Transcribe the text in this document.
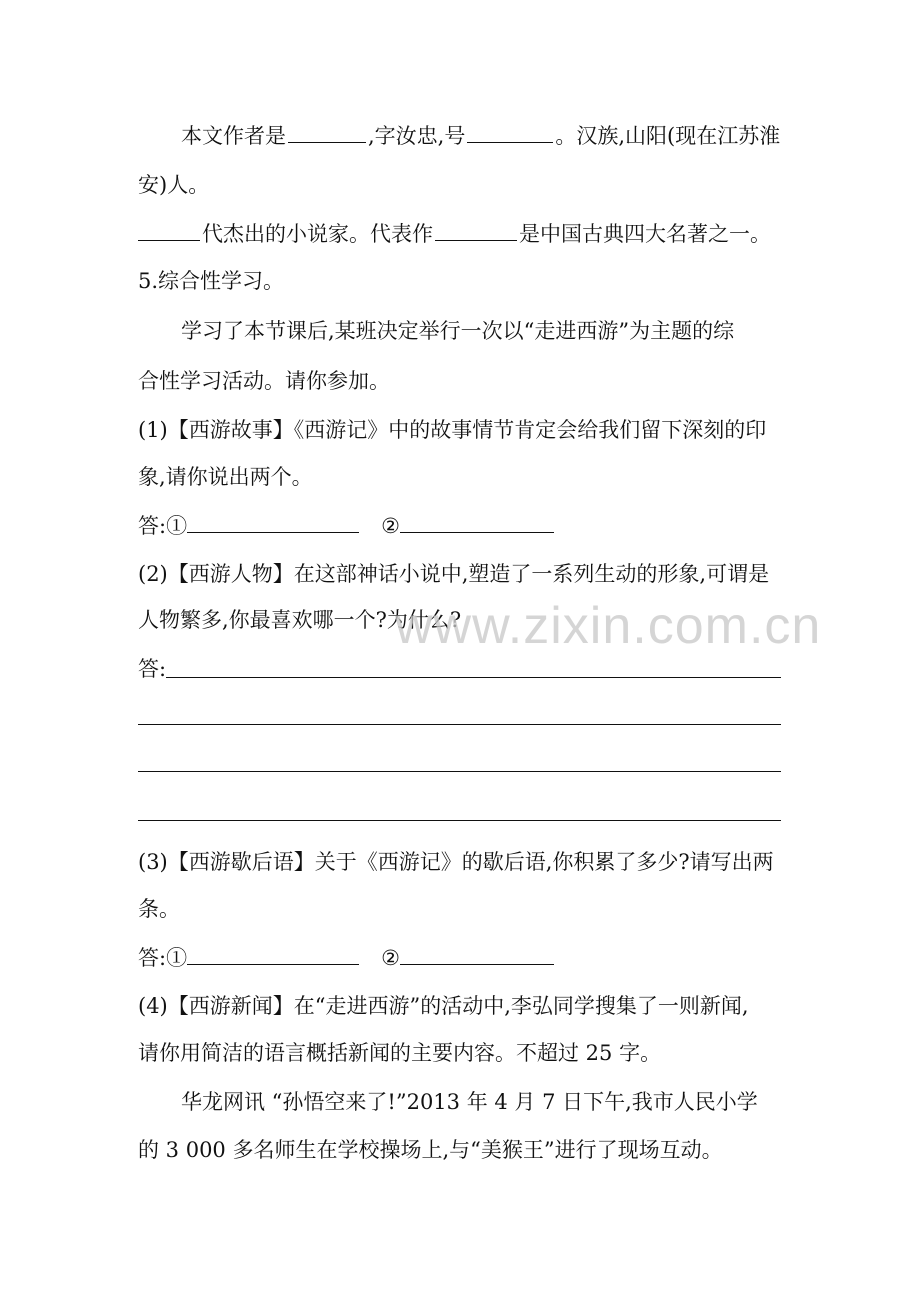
本文作者是	,字汝忠,号	。汉族,山阳(现在江苏淮
安)人。
代杰出的小说家。代表作	是中国古典四大名著之一。
5.综合性学习。
学习了本节课后,某班决定举行一次以“走进西游”为主题的综
合性学习活动。请你参加。
(1)【西游故事】《西游记》中的故事情节肯定会给我们留下深刻的印
象,请你说出两个。
答:①	②
(2)【西游人物】在这部神话小说中,塑造了一系列生动的形象,可谓是
人物繁多,你最喜欢哪一个?为什么?
答:
(3)【西游歇后语】关于《西游记》的歇后语,你积累了多少?请写出两
条。
答:①	②
(4)【西游新闻】在“走进西游”的活动中,李弘同学搜集了一则新闻,
请你用简洁的语言概括新闻的主要内容。不超过 25 字。
华龙网讯 “孙悟空来了!”2013 年 4 月 7 日下午,我市人民小学
的 3 000 多名师生在学校操场上,与“美猴王”进行了现场互动。
www.zixin.com.cn
